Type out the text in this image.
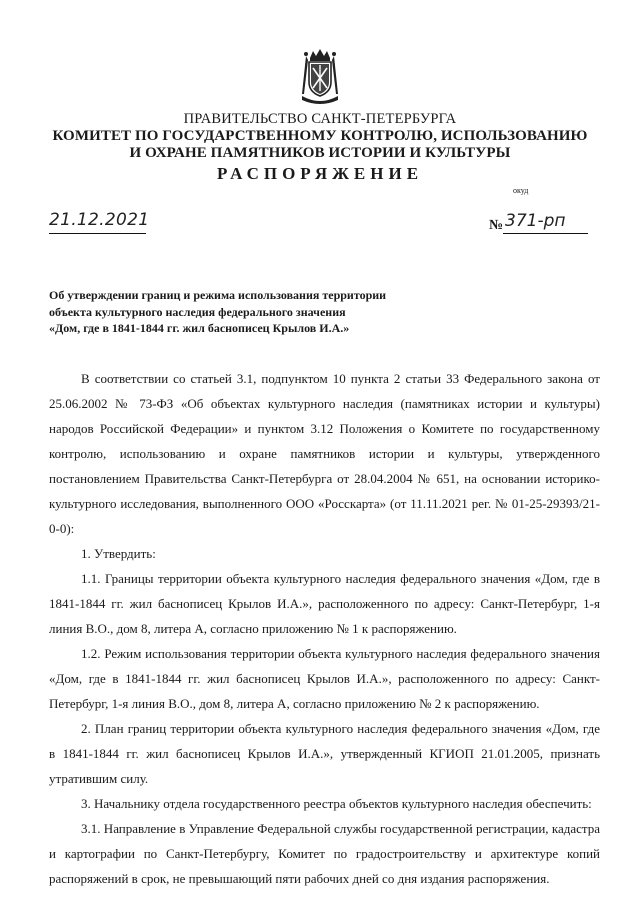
ПРАВИТЕЛЬСТВО САНКТ-ПЕТЕРБУРГА
КОМИТЕТ ПО ГОСУДАРСТВЕННОМУ КОНТРОЛЮ, ИСПОЛЬЗОВАНИЮ
И ОХРАНЕ ПАМЯТНИКОВ ИСТОРИИ И КУЛЬТУРЫ
РАСПОРЯЖЕНИЕ
окуд
21.12.2021	№ 371-рп
Об утверждении границ и режима использования территории
объекта культурного наследия федерального значения
«Дом, где в 1841-1844 гг. жил баснописец Крылов И.А.»

В соответствии со статьей 3.1, подпунктом 10 пункта 2 статьи 33 Федерального закона от 25.06.2002 № 73-ФЗ «Об объектах культурного наследия (памятниках истории и культуры) народов Российской Федерации» и пунктом 3.12 Положения о Комитете по государственному контролю, использованию и охране памятников истории и культуры, утвержденного постановлением Правительства Санкт-Петербурга от 28.04.2004 № 651, на основании историко-культурного исследования, выполненного ООО «Росскарта» (от 11.11.2021 рег. № 01-25-29393/21-0-0):

1. Утвердить:

1.1. Границы территории объекта культурного наследия федерального значения «Дом, где в 1841-1844 гг. жил баснописец Крылов И.А.», расположенного по адресу: Санкт-Петербург, 1-я линия В.О., дом 8, литера А, согласно приложению № 1 к распоряжению.

1.2. Режим использования территории объекта культурного наследия федерального значения «Дом, где в 1841-1844 гг. жил баснописец Крылов И.А.», расположенного по адресу: Санкт-Петербург, 1-я линия В.О., дом 8, литера А, согласно приложению № 2 к распоряжению.

2. План границ территории объекта культурного наследия федерального значения «Дом, где в 1841-1844 гг. жил баснописец Крылов И.А.», утвержденный КГИОП 21.01.2005, признать утратившим силу.

3. Начальнику отдела государственного реестра объектов культурного наследия обеспечить:

3.1. Направление в Управление Федеральной службы государственной регистрации, кадастра и картографии по Санкт-Петербургу, Комитет по градостроительству и архитектуре копий распоряжений в срок, не превышающий пяти рабочих дней со дня издания распоряжения.
